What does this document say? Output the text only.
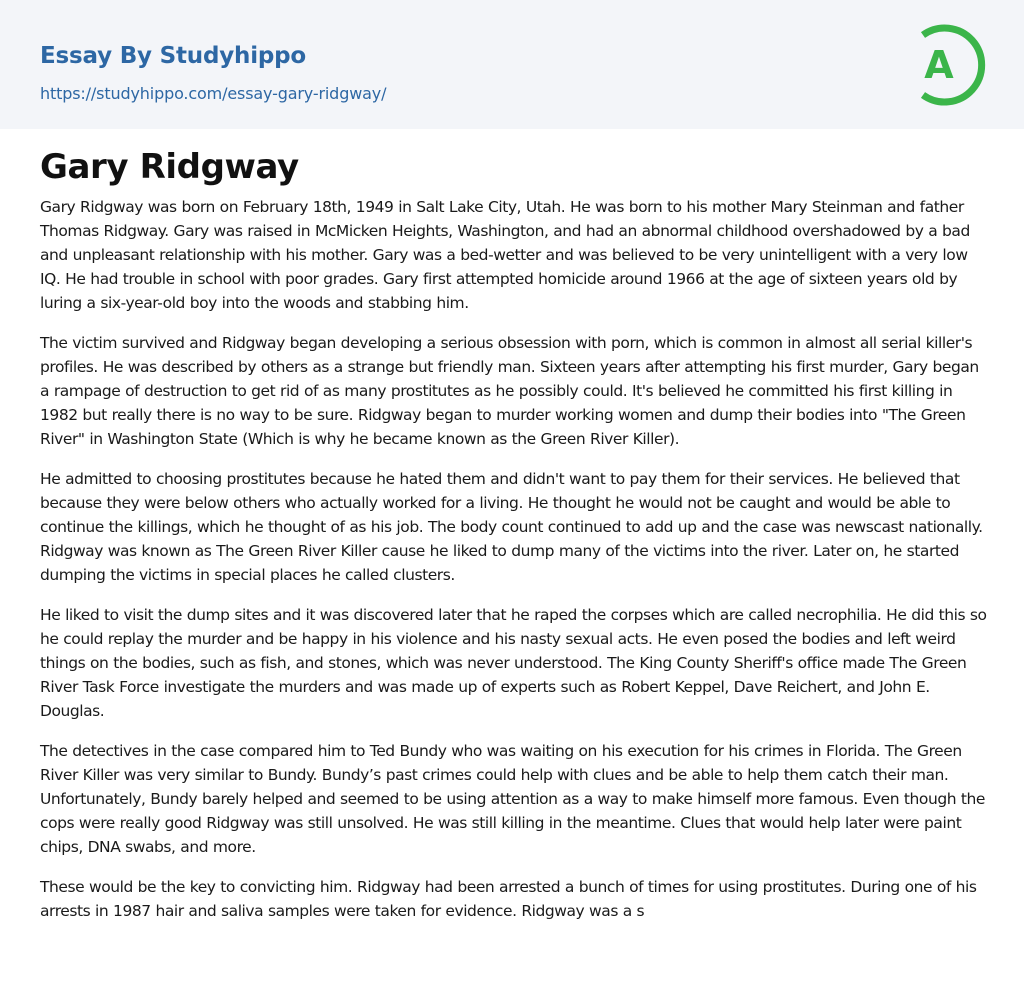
Essay By Studyhippo
https://studyhippo.com/essay-gary-ridgway/
A
Gary Ridgway

Gary Ridgway was born on February 18th, 1949 in Salt Lake City, Utah. He was born to his mother Mary Steinman and father Thomas Ridgway. Gary was raised in McMicken Heights, Washington, and had an abnormal childhood overshadowed by a bad and unpleasant relationship with his mother. Gary was a bed-wetter and was believed to be very unintelligent with a very low IQ. He had trouble in school with poor grades. Gary first attempted homicide around 1966 at the age of sixteen years old by luring a six-year-old boy into the woods and stabbing him.

The victim survived and Ridgway began developing a serious obsession with porn, which is common in almost all serial killer's profiles. He was described by others as a strange but friendly man. Sixteen years after attempting his first murder, Gary began a rampage of destruction to get rid of as many prostitutes as he possibly could. It's believed he committed his first killing in 1982 but really there is no way to be sure. Ridgway began to murder working women and dump their bodies into "The Green River" in Washington State (Which is why he became known as the Green River Killer).

He admitted to choosing prostitutes because he hated them and didn't want to pay them for their services. He believed that because they were below others who actually worked for a living. He thought he would not be caught and would be able to continue the killings, which he thought of as his job. The body count continued to add up and the case was newscast nationally. Ridgway was known as The Green River Killer cause he liked to dump many of the victims into the river. Later on, he started dumping the victims in special places he called clusters.

He liked to visit the dump sites and it was discovered later that he raped the corpses which are called necrophilia. He did this so he could replay the murder and be happy in his violence and his nasty sexual acts. He even posed the bodies and left weird things on the bodies, such as fish, and stones, which was never understood. The King County Sheriff's office made The Green River Task Force investigate the murders and was made up of experts such as Robert Keppel, Dave Reichert, and John E. Douglas.

The detectives in the case compared him to Ted Bundy who was waiting on his execution for his crimes in Florida. The Green River Killer was very similar to Bundy. Bundy’s past crimes could help with clues and be able to help them catch their man. Unfortunately, Bundy barely helped and seemed to be using attention as a way to make himself more famous. Even though the cops were really good Ridgway was still unsolved. He was still killing in the meantime. Clues that would help later were paint chips, DNA swabs, and more.

These would be the key to convicting him. Ridgway had been arrested a bunch of times for using prostitutes. During one of his arrests in 1987 hair and saliva samples were taken for evidence. Ridgway was a s
